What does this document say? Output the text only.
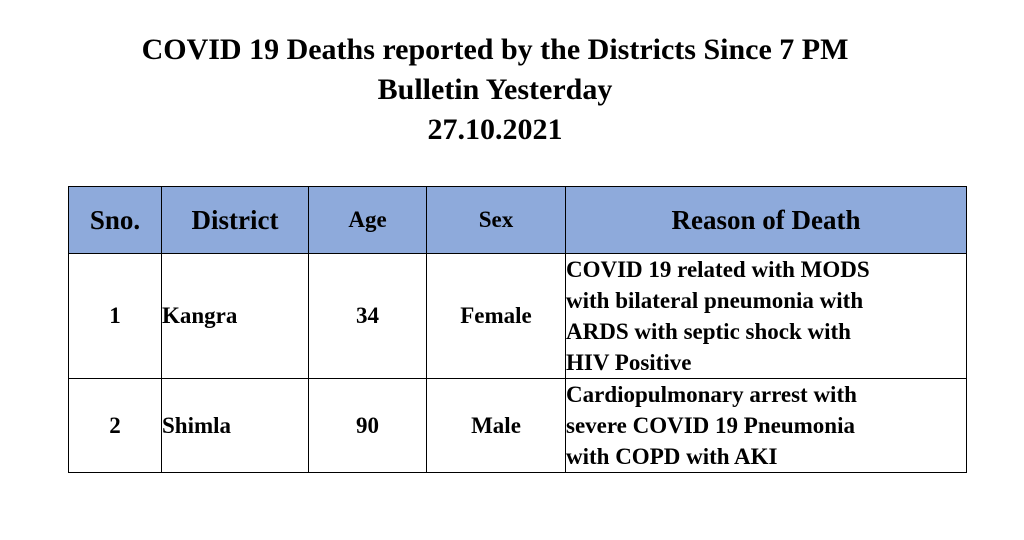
COVID 19 Deaths reported by the Districts Since 7 PM
Bulletin Yesterday
27.10.2021
Sno.	District	Age	Sex	Reason of Death
1	Kangra	34	Female	COVID 19 related with MODS
with bilateral pneumonia with
ARDS with septic shock with
HIV Positive

2	Shimla	90	Male	Cardiopulmonary arrest with
severe COVID 19 Pneumonia
with COPD with AKI
